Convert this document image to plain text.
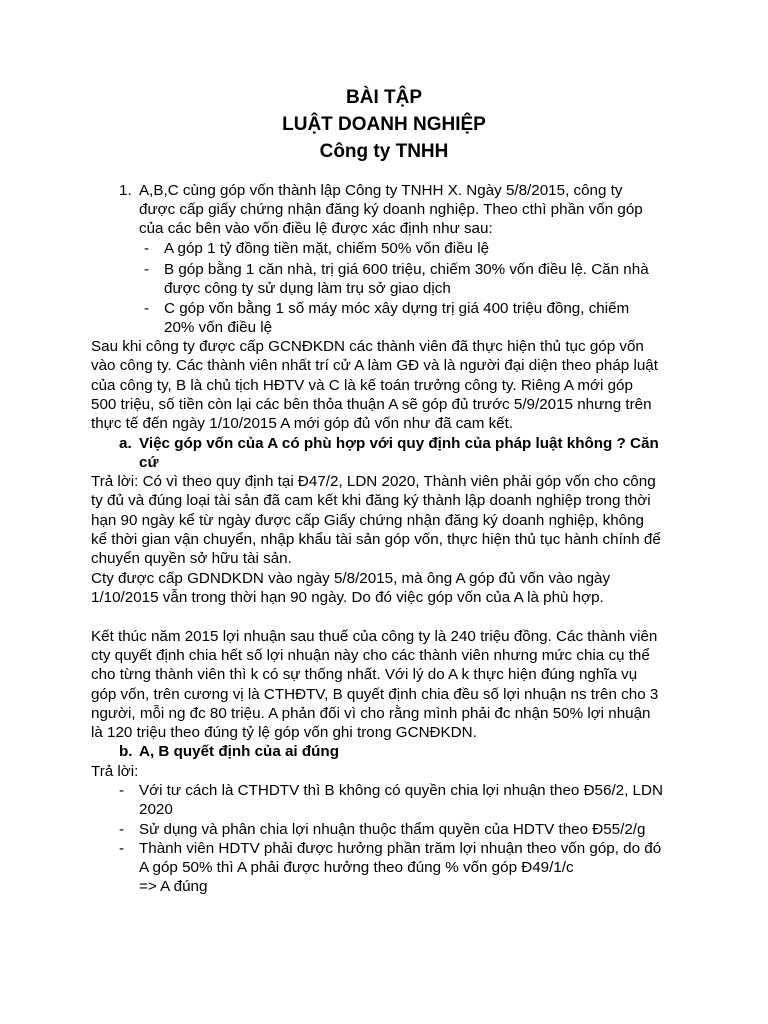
BÀI TẬP
LUẬT DOANH NGHIỆP
Công ty TNHH
1. A,B,C cùng góp vốn thành lập Công ty TNHH X. Ngày 5/8/2015, công ty
được cấp giấy chứng nhận đăng ký doanh nghiệp. Theo cthì phần vốn góp
của các bên vào vốn điều lệ được xác định như sau:
- A góp 1 tỷ đồng tiền mặt, chiếm 50% vốn điều lệ
- B góp bằng 1 căn nhà, trị giá 600 triệu, chiếm 30% vốn điều lệ. Căn nhà
được công ty sử dụng làm trụ sở giao dịch
- C góp vốn bằng 1 số máy móc xây dựng trị giá 400 triệu đồng, chiếm
20% vốn điều lệ
Sau khi công ty được cấp GCNĐKDN các thành viên đã thực hiện thủ tục góp vốn
vào công ty. Các thành viên nhất trí cử A làm GĐ và là người đại diện theo pháp luật
của công ty, B là chủ tịch HĐTV và C là kế toán trưởng công ty. Riêng A mới góp
500 triệu, số tiền còn lại các bên thỏa thuận A sẽ góp đủ trước 5/9/2015 nhưng trên
thực tế đến ngày 1/10/2015 A mới góp đủ vốn như đã cam kết.
a. Việc góp vốn của A có phù hợp với quy định của pháp luật không ? Căn
cứ
Trả lời: Có vì theo quy định tại Đ47/2, LDN 2020, Thành viên phải góp vốn cho công
ty đủ và đúng loại tài sản đã cam kết khi đăng ký thành lập doanh nghiệp trong thời
hạn 90 ngày kể từ ngày được cấp Giấy chứng nhận đăng ký doanh nghiệp, không
kể thời gian vận chuyển, nhập khẩu tài sản góp vốn, thực hiện thủ tục hành chính để
chuyển quyền sở hữu tài sản.
Cty được cấp GDNDKDN vào ngày 5/8/2015, mà ông A góp đủ vốn vào ngày
1/10/2015 vẫn trong thời hạn 90 ngày. Do đó việc góp vốn của A là phù hợp.
Kết thúc năm 2015 lợi nhuận sau thuế của công ty là 240 triệu đồng. Các thành viên
cty quyết định chia hết số lợi nhuận này cho các thành viên nhưng mức chia cụ thể
cho từng thành viên thì k có sự thống nhất. Với lý do A k thực hiện đúng nghĩa vụ
góp vốn, trên cương vị là CTHĐTV, B quyết định chia đều số lợi nhuận ns trên cho 3
người, mỗi ng đc 80 triệu. A phản đối vì cho rằng mình phải đc nhận 50% lợi nhuận
là 120 triệu theo đúng tỷ lệ góp vốn ghi trong GCNĐKDN.
b. A, B quyết định của ai đúng
Trả lời:
- Với tư cách là CTHDTV thì B không có quyền chia lợi nhuận theo Đ56/2, LDN
2020
- Sử dụng và phân chia lợi nhuận thuộc thẩm quyền của HDTV theo Đ55/2/g
- Thành viên HDTV phải được hưởng phần trăm lợi nhuận theo vốn góp, do đó
A góp 50% thì A phải được hưởng theo đúng % vốn góp Đ49/1/c
=> A đúng
